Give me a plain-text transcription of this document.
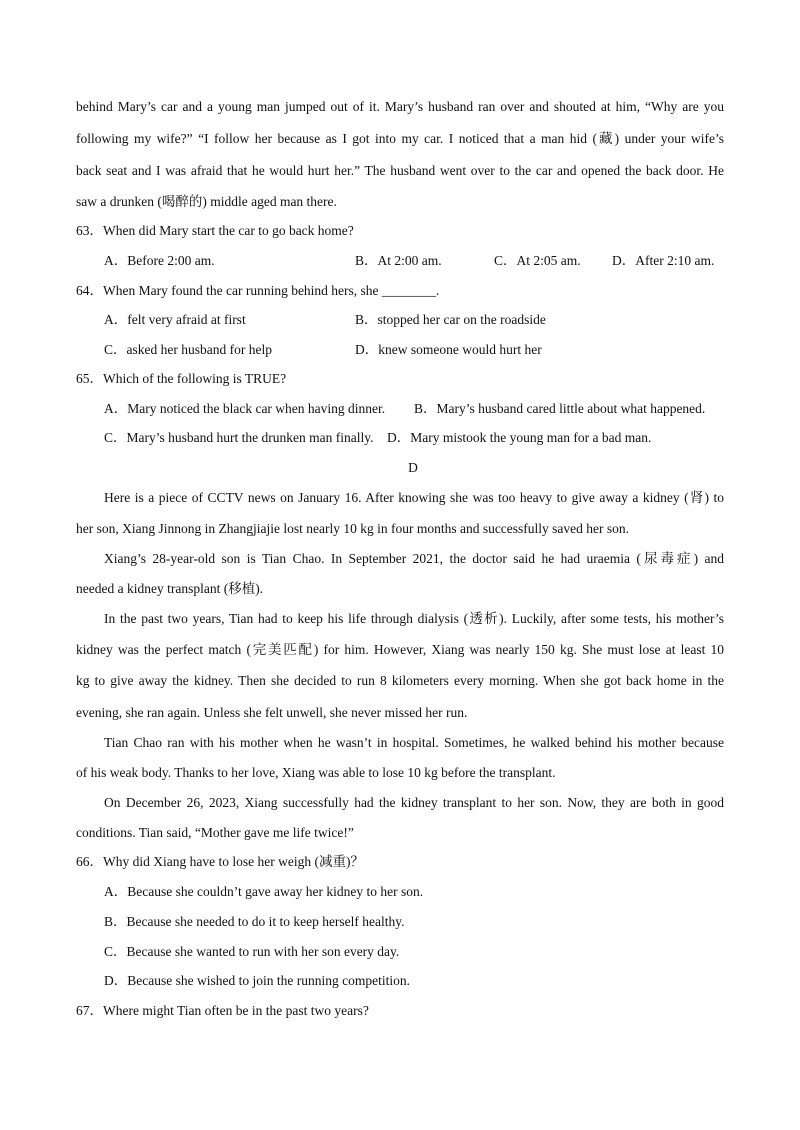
behind Mary’s car and a young man jumped out of it. Mary’s husband ran over and shouted at him, “Why are you
following my wife?” “I follow her because as I got into my car. I noticed that a man hid (藏) under your wife’s
back seat and I was afraid that he would hurt her.” The husband went over to the car and opened the back door. He
saw a drunken (喝醉的) middle aged man there.
63．When did Mary start the car to go back home?
A．Before 2:00 am.	B．At 2:00 am.	C．At 2:05 am. D．After 2:10 am.
64．When Mary found the car running behind hers, she ________.
A．felt very afraid at first	B．stopped her car on the roadside
C．asked her husband for help	D．knew someone would hurt her
65．Which of the following is TRUE?
A．Mary noticed the black car when having dinner. B．Mary’s husband cared little about what happened.
C．Mary’s husband hurt the drunken man finally. D．Mary mistook the young man for a bad man.
D
Here is a piece of CCTV news on January 16. After knowing she was too heavy to give away a kidney (肾) to
her son, Xiang Jinnong in Zhangjiajie lost nearly 10 kg in four months and successfully saved her son.
Xiang’s 28-year-old son is Tian Chao. In September 2021, the doctor said he had uraemia (尿毒症) and
needed a kidney transplant (移植).
In the past two years, Tian had to keep his life through dialysis (透析). Luckily, after some tests, his mother’s
kidney was the perfect match (完美匹配) for him. However, Xiang was nearly 150 kg. She must lose at least 10
kg to give away the kidney. Then she decided to run 8 kilometers every morning. When she got back home in the
evening, she ran again. Unless she felt unwell, she never missed her run.
Tian Chao ran with his mother when he wasn’t in hospital. Sometimes, he walked behind his mother because
of his weak body. Thanks to her love, Xiang was able to lose 10 kg before the transplant.
On December 26, 2023, Xiang successfully had the kidney transplant to her son. Now, they are both in good
conditions. Tian said, “Mother gave me life twice!”
66．Why did Xiang have to lose her weigh (减重)？
A．Because she couldn’t gave away her kidney to her son.
B．Because she needed to do it to keep herself healthy.
C．Because she wanted to run with her son every day.
D．Because she wished to join the running competition.
67．Where might Tian often be in the past two years?
